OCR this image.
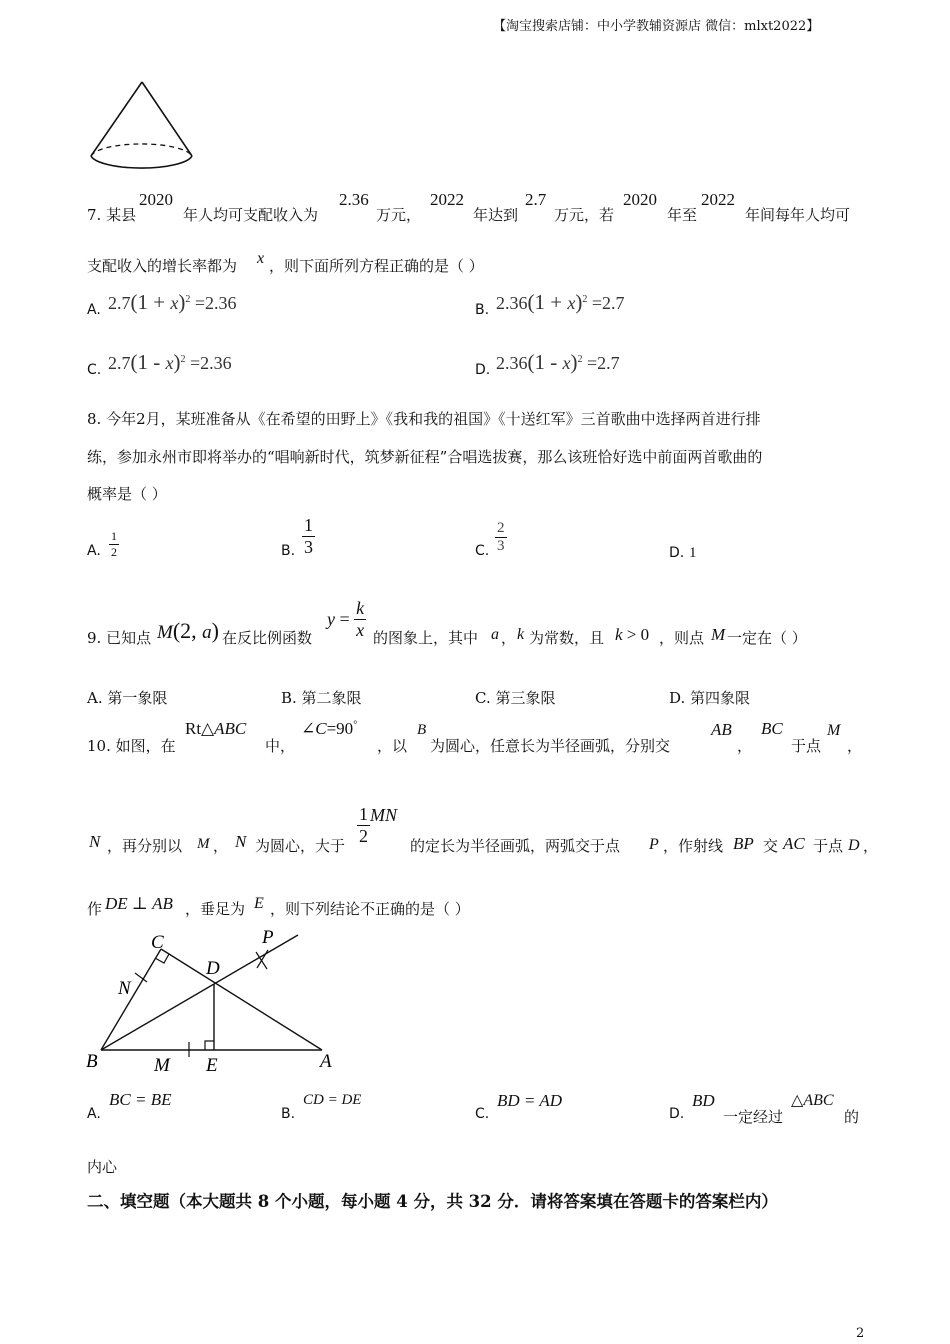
【淘宝搜索店铺：中小学教辅资源店 微信：mlxt2022】
7. 某县
2020
年人均可支配收入为
2.36
万元，
2022
年达到
2.7
万元，若
2020
年至
2022
年间每年人均可
支配收入的增长率都为 x ，则下面所列方程正确的是（ ）
A. $2.7(1 + x)^2 =2.36$	B. $2.36(1 + x)^2 =2.7$
C. 2.7(1 - x)$^2$ =2.36	D. 2.36(1 - x)$^2$ =2.7
8. 今年2月，某班准备从《在希望的田野上》《我和我的祖国》《十送红军》三首歌曲中选择两首进行排
练，参加永州市即将举办的“唱响新时代，筑梦新征程”合唱选拔赛，那么该班恰好选中前面两首歌曲的
概率是（ ）
A. $\frac{1}{2}$	B. $\frac{1}{3}$	C. $\frac{2}{3}$	D. 1
9. 已知点 M(2, a) 在反比例函数
$y = \frac{k}{x}$ 的图象上，其中 a ， k 为常数，且 k > 0 ，则点 M 一定在（ ）
A. 第一象限	B. 第二象限	C. 第三象限	D. 第四象限
10. 如图，在
Rt△ABC
中，
∠C=90°
，以
B
为圆心，任意长为半径画弧，分别交
AB
，
BC
于点
M
，
N ，再分别以 M ， N 为圆心，大于 $\frac{1}{2}$ MN
的定长为半径画弧，两弧交于点 P ，作射线 BP 交 AC 于点 D ，
作 DE ⊥ AB ，垂足为 E ，则下列结论不正确的是（ ）
C	P
D
N
B	M E	A
A.
BC = BE
B.
CD = DE
C.
BD = AD
D.
BD
一定经过
△ABC
的
内心
二、填空题（本大题共 8 个小题，每小题 4 分，共 32 分．请将答案填在答题卡的答案栏内）
2
